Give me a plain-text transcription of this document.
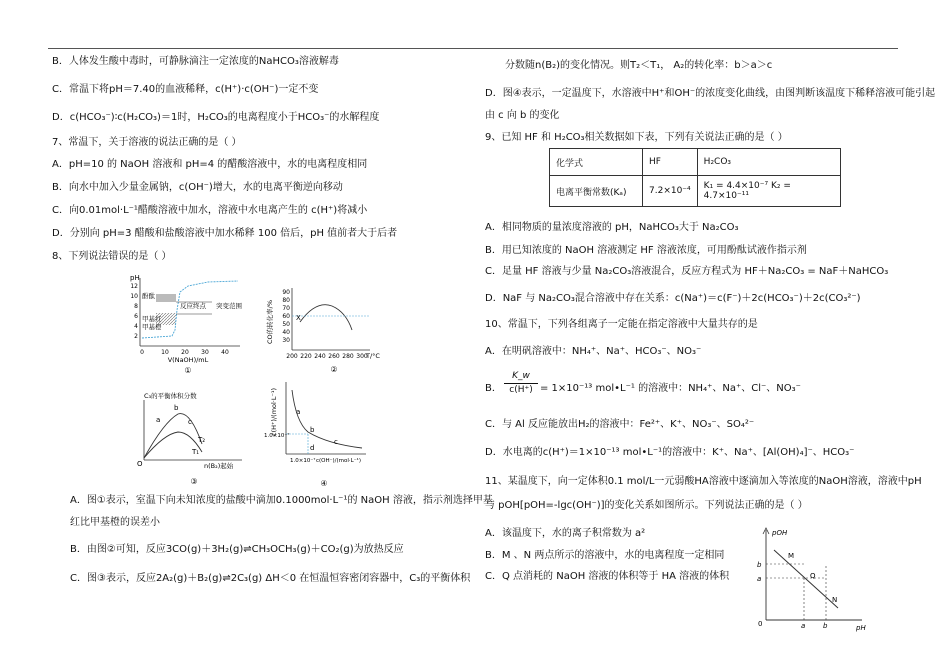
B．人体发生酸中毒时，可静脉滴注一定浓度的NaHCO₃溶液解毒
C．常温下将pH＝7.40的血液稀释，c(H⁺)·c(OH⁻)一定不变
D．c(HCO₃⁻)∶c(H₂CO₃)＝1时，H₂CO₃的电离程度小于HCO₃⁻的水解程度
7、常温下，关于溶液的说法正确的是（ ）
A．pH=10 的 NaOH 溶液和 pH=4 的醋酸溶液中，水的电离程度相同
B．向水中加入少量金属钠，c(OH⁻)增大，水的电离平衡逆向移动
C．向0.01mol·L⁻¹醋酸溶液中加水，溶液中水电离产生的 c(H⁺)将减小
D．分别向 pH=3 醋酸和盐酸溶液中加水稀释 100 倍后，pH 值前者大于后者
8、下列说法错误的是（ ）
pH
12
10
8
6
4
2
0	10 20 30 40
V(NaOH)/mL
酚酞
反应终点 突变范围
甲基红
甲基橙
①
CO的转化率/%
90
80
70
60
50
40
30
200 220 240 260 280 300
T/°C
X
②
C₃的平衡体积分数
O
a
b
c
T₂
T₁
n(B₂)起始
③
c(H⁺)/(mol·L⁻¹)
1.0×10⁻⁷
1.0×10⁻⁷ c(OH⁻)/(mol·L⁻¹)
a
b
c
d
④
A．图①表示，室温下向未知浓度的盐酸中滴加0.1000mol·L⁻¹的 NaOH 溶液，指示剂选择甲基
红比甲基橙的误差小
B．由图②可知，反应3CO(g)＋3H₂(g)⇌CH₃OCH₃(g)＋CO₂(g)为放热反应
C．图③表示，反应2A₂(g)＋B₂(g)⇌2C₃(g) ΔH＜0 在恒温恒容密闭容器中，C₃的平衡体积
分数随n(B₂)的变化情况。则T₂＜T₁， A₂的转化率：b＞a＞c
D．图④表示，一定温度下，水溶液中H⁺和OH⁻的浓度变化曲线，由图判断该温度下稀释溶液可能引起
由 c 向 b 的变化
9、已知 HF 和 H₂CO₃相关数据如下表，下列有关说法正确的是（ ）
化学式	HF	H₂CO₃
电离平衡常数(Kₐ)	7.2×10⁻⁴	K₁ = 4.4×10⁻⁷ K₂ = 4.7×10⁻¹¹
A．相同物质的量浓度溶液的 pH，NaHCO₃大于 Na₂CO₃
B．用已知浓度的 NaOH 溶液测定 HF 溶液浓度，可用酚酞试液作指示剂
C．足量 HF 溶液与少量 Na₂CO₃溶液混合，反应方程式为 HF＋Na₂CO₃ = NaF＋NaHCO₃
D．NaF 与 Na₂CO₃混合溶液中存在关系：c(Na⁺)＝c(F⁻)＋2c(HCO₃⁻)＋2c(CO₃²⁻)
10、常温下，下列各组离子一定能在指定溶液中大量共存的是
A．在明矾溶液中：NH₄⁺、Na⁺、HCO₃⁻、NO₃⁻
B．
K_w
c(H⁺) = 1×10⁻¹³ mol•L⁻¹ 的溶液中：NH₄⁺、Na⁺、Cl⁻、NO₃⁻
C．与 Al 反应能放出H₂的溶液中：Fe²⁺、K⁺、NO₃⁻、SO₄²⁻
D．水电离的c(H⁺)＝1×10⁻¹³ mol•L⁻¹的溶液中：K⁺、Na⁺、[Al(OH)₄]⁻、HCO₃⁻
11、某温度下，向一定体积0.1 mol/L一元弱酸HA溶液中逐滴加入等浓度的NaOH溶液，溶液中pH
与 pOH[pOH=-lgc(OH⁻)]的变化关系如图所示。下列说法正确的是（ ）
A．该温度下，水的离子积常数为 a²
B．M 、N 两点所示的溶液中，水的电离程度一定相同
C．Q 点消耗的 NaOH 溶液的体积等于 HA 溶液的体积
pOH
pH
0
b
a
a	b
M
Q
N
